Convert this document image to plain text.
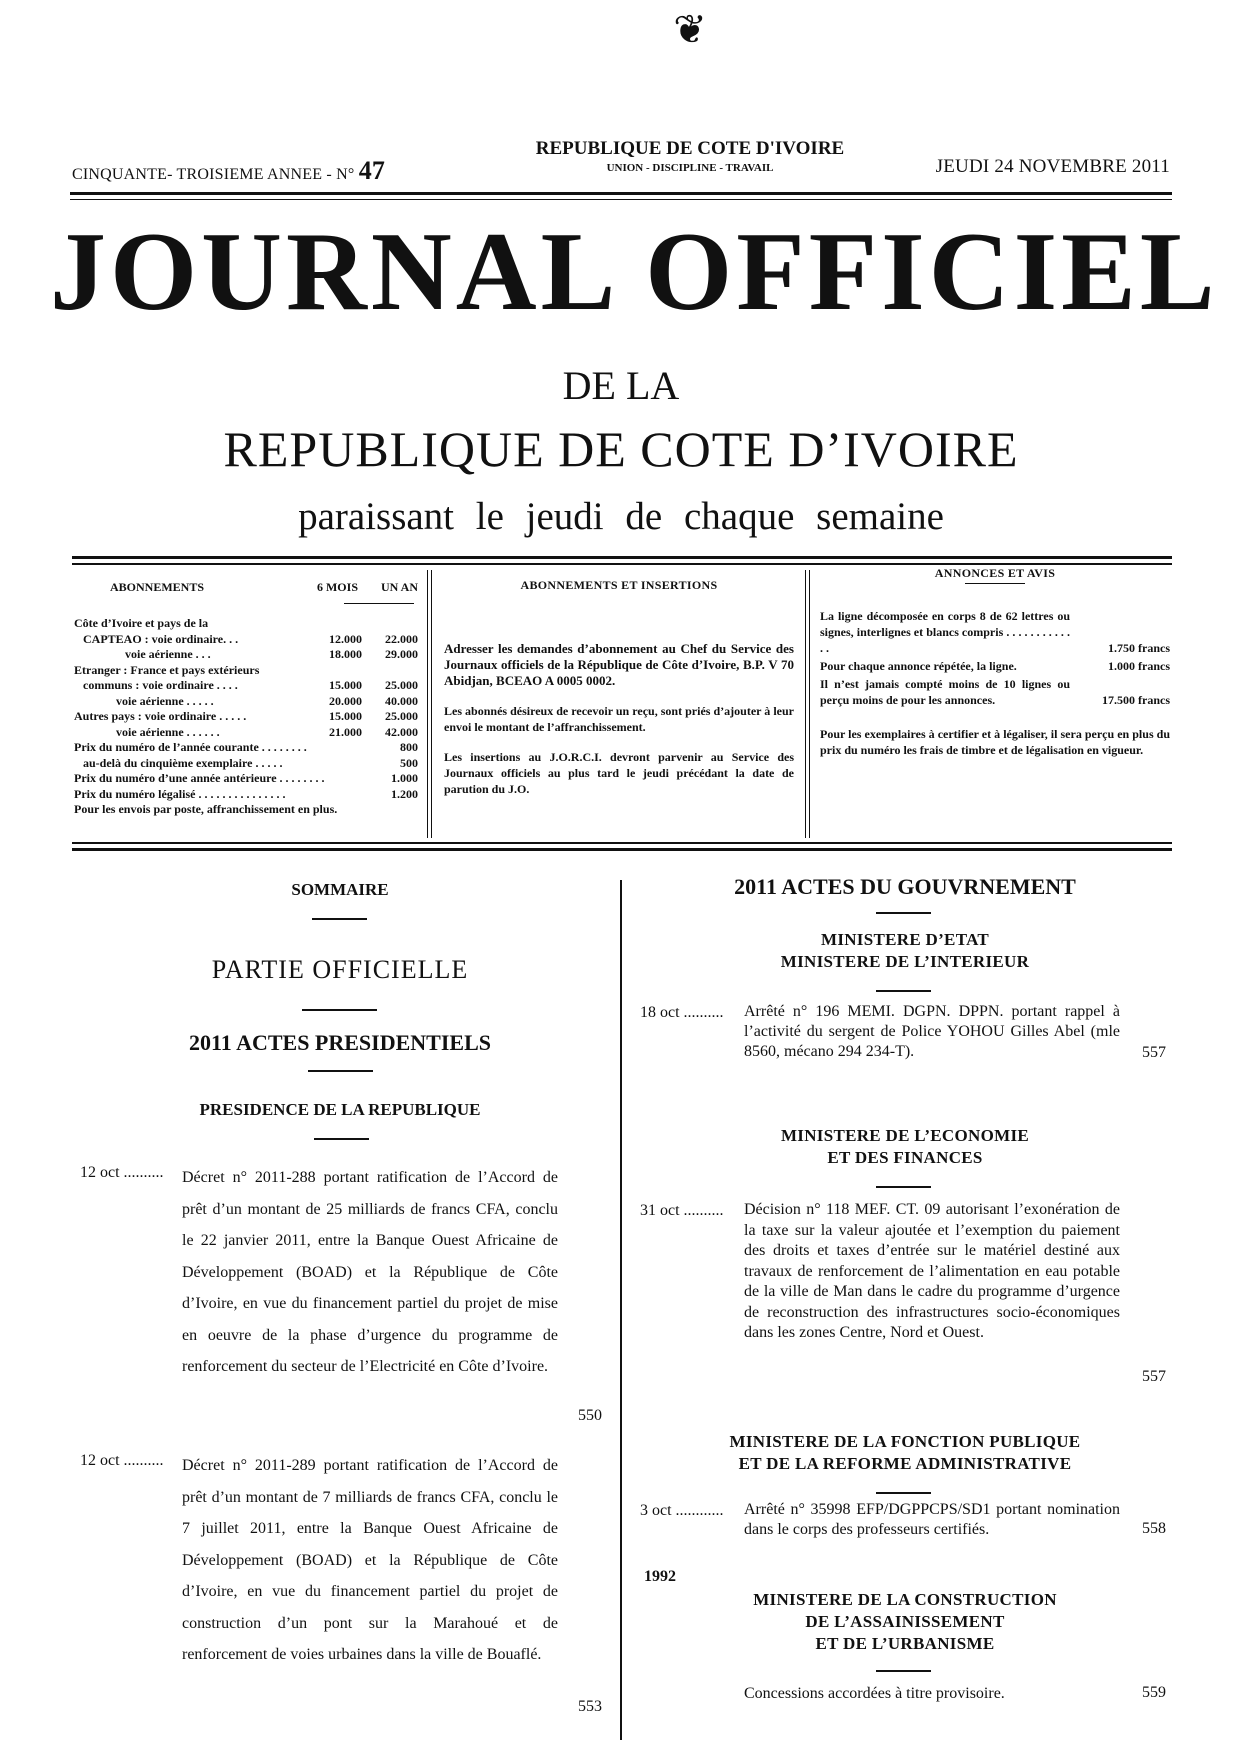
❦
CINQUANTE- TROISIEME ANNEE - N° 47
REPUBLIQUE DE COTE D'IVOIRE
UNION - DISCIPLINE - TRAVAIL	JEUDI 24 NOVEMBRE 2011
JOURNAL OFFICIEL
DE LA
REPUBLIQUE DE COTE D’IVOIRE
paraissant le jeudi de chaque semaine
ABONNEMENTS	6 MOIS	UN AN
Côte d’Ivoire et pays de la
CAPTEAO : voie ordinaire. . .	12.000	22.000
voie aérienne . . .	18.000	29.000
Etranger : France et pays extérieurs
communs : voie ordinaire . . . .	15.000	25.000
voie aérienne . . . . .	20.000	40.000
Autres pays : voie ordinaire . . . . .	15.000	25.000
voie aérienne . . . . . .	21.000	42.000
Prix du numéro de l’année courante . . . . . . . .	800
au-delà du cinquième exemplaire . . . . .	500
Prix du numéro d’une année antérieure . . . . . . . .	1.000
Prix du numéro légalisé . . . . . . . . . . . . . . .	1.200
Pour les envois par poste, affranchissement en plus.
ABONNEMENTS ET INSERTIONS
Adresser les demandes d’abonnement au Chef du Service des Journaux officiels de la République de Côte d’Ivoire, B.P. V 70 Abidjan, BCEAO A 0005 0002.
Les abonnés désireux de recevoir un reçu, sont priés d’ajouter à leur envoi le montant de l’affranchissement.
Les insertions au J.O.R.C.I. devront parvenir au Service des Journaux officiels au plus tard le jeudi précédant la date de parution du J.O.
ANNONCES ET AVIS
La ligne décomposée en corps 8 de 62 lettres ou signes, interlignes et blancs compris . . . . . . . . . . . . .	1.750 francs
Pour chaque annonce répétée, la ligne.	1.000 francs
Il n’est jamais compté moins de 10 lignes ou perçu moins de pour les annonces.	17.500 francs
Pour les exemplaires à certifier et à légaliser, il sera perçu en plus du prix du numéro les frais de timbre et de légalisation en vigueur.
SOMMAIRE
PARTIE OFFICIELLE
2011 ACTES PRESIDENTIELS
PRESIDENCE DE LA REPUBLIQUE
12 oct .......... Décret n° 2011-288 portant ratification de l’Accord de prêt d’un montant de 25 milliards de francs CFA, conclu le 22 janvier 2011, entre la Banque Ouest Africaine de Développement (BOAD) et la République de Côte d’Ivoire, en vue du financement partiel du projet de mise en oeuvre de la phase d’urgence du programme de renforcement du secteur de l’Electricité en Côte d’Ivoire.
550
12 oct .......... Décret n° 2011-289 portant ratification de l’Accord de prêt d’un montant de 7 milliards de francs CFA, conclu le 7 juillet 2011, entre la Banque Ouest Africaine de Développement (BOAD) et la République de Côte d’Ivoire, en vue du financement partiel du projet de construction d’un pont sur la Marahoué et de renforcement de voies urbaines dans la ville de Bouaflé.
553
2011 ACTES DU GOUVRNEMENT
MINISTERE D’ETAT
MINISTERE DE L’INTERIEUR
18 oct .......... Arrêté n° 196 MEMI. DGPN. DPPN. portant rappel à l’activité du sergent de Police YOHOU Gilles Abel (mle 8560, mécano 294 234-T).	557
MINISTERE DE L’ECONOMIE
ET DES FINANCES
31 oct .......... Décision n° 118 MEF. CT. 09 autorisant l’exonération de la taxe sur la valeur ajoutée et l’exemption du paiement des droits et taxes d’entrée sur le matériel destiné aux travaux de renforcement de l’alimentation en eau potable de la ville de Man dans le cadre du programme d’urgence de reconstruction des infrastructures socio-économiques dans les zones Centre, Nord et Ouest.
557
MINISTERE DE LA FONCTION PUBLIQUE
ET DE LA REFORME ADMINISTRATIVE
3 oct ............ Arrêté n° 35998 EFP/DGPPCPS/SD1 portant nomination dans le corps des professeurs certifiés.	558
1992
MINISTERE DE LA CONSTRUCTION
DE L’ASSAINISSEMENT
ET DE L’URBANISME
Concessions accordées à titre provisoire.	559
